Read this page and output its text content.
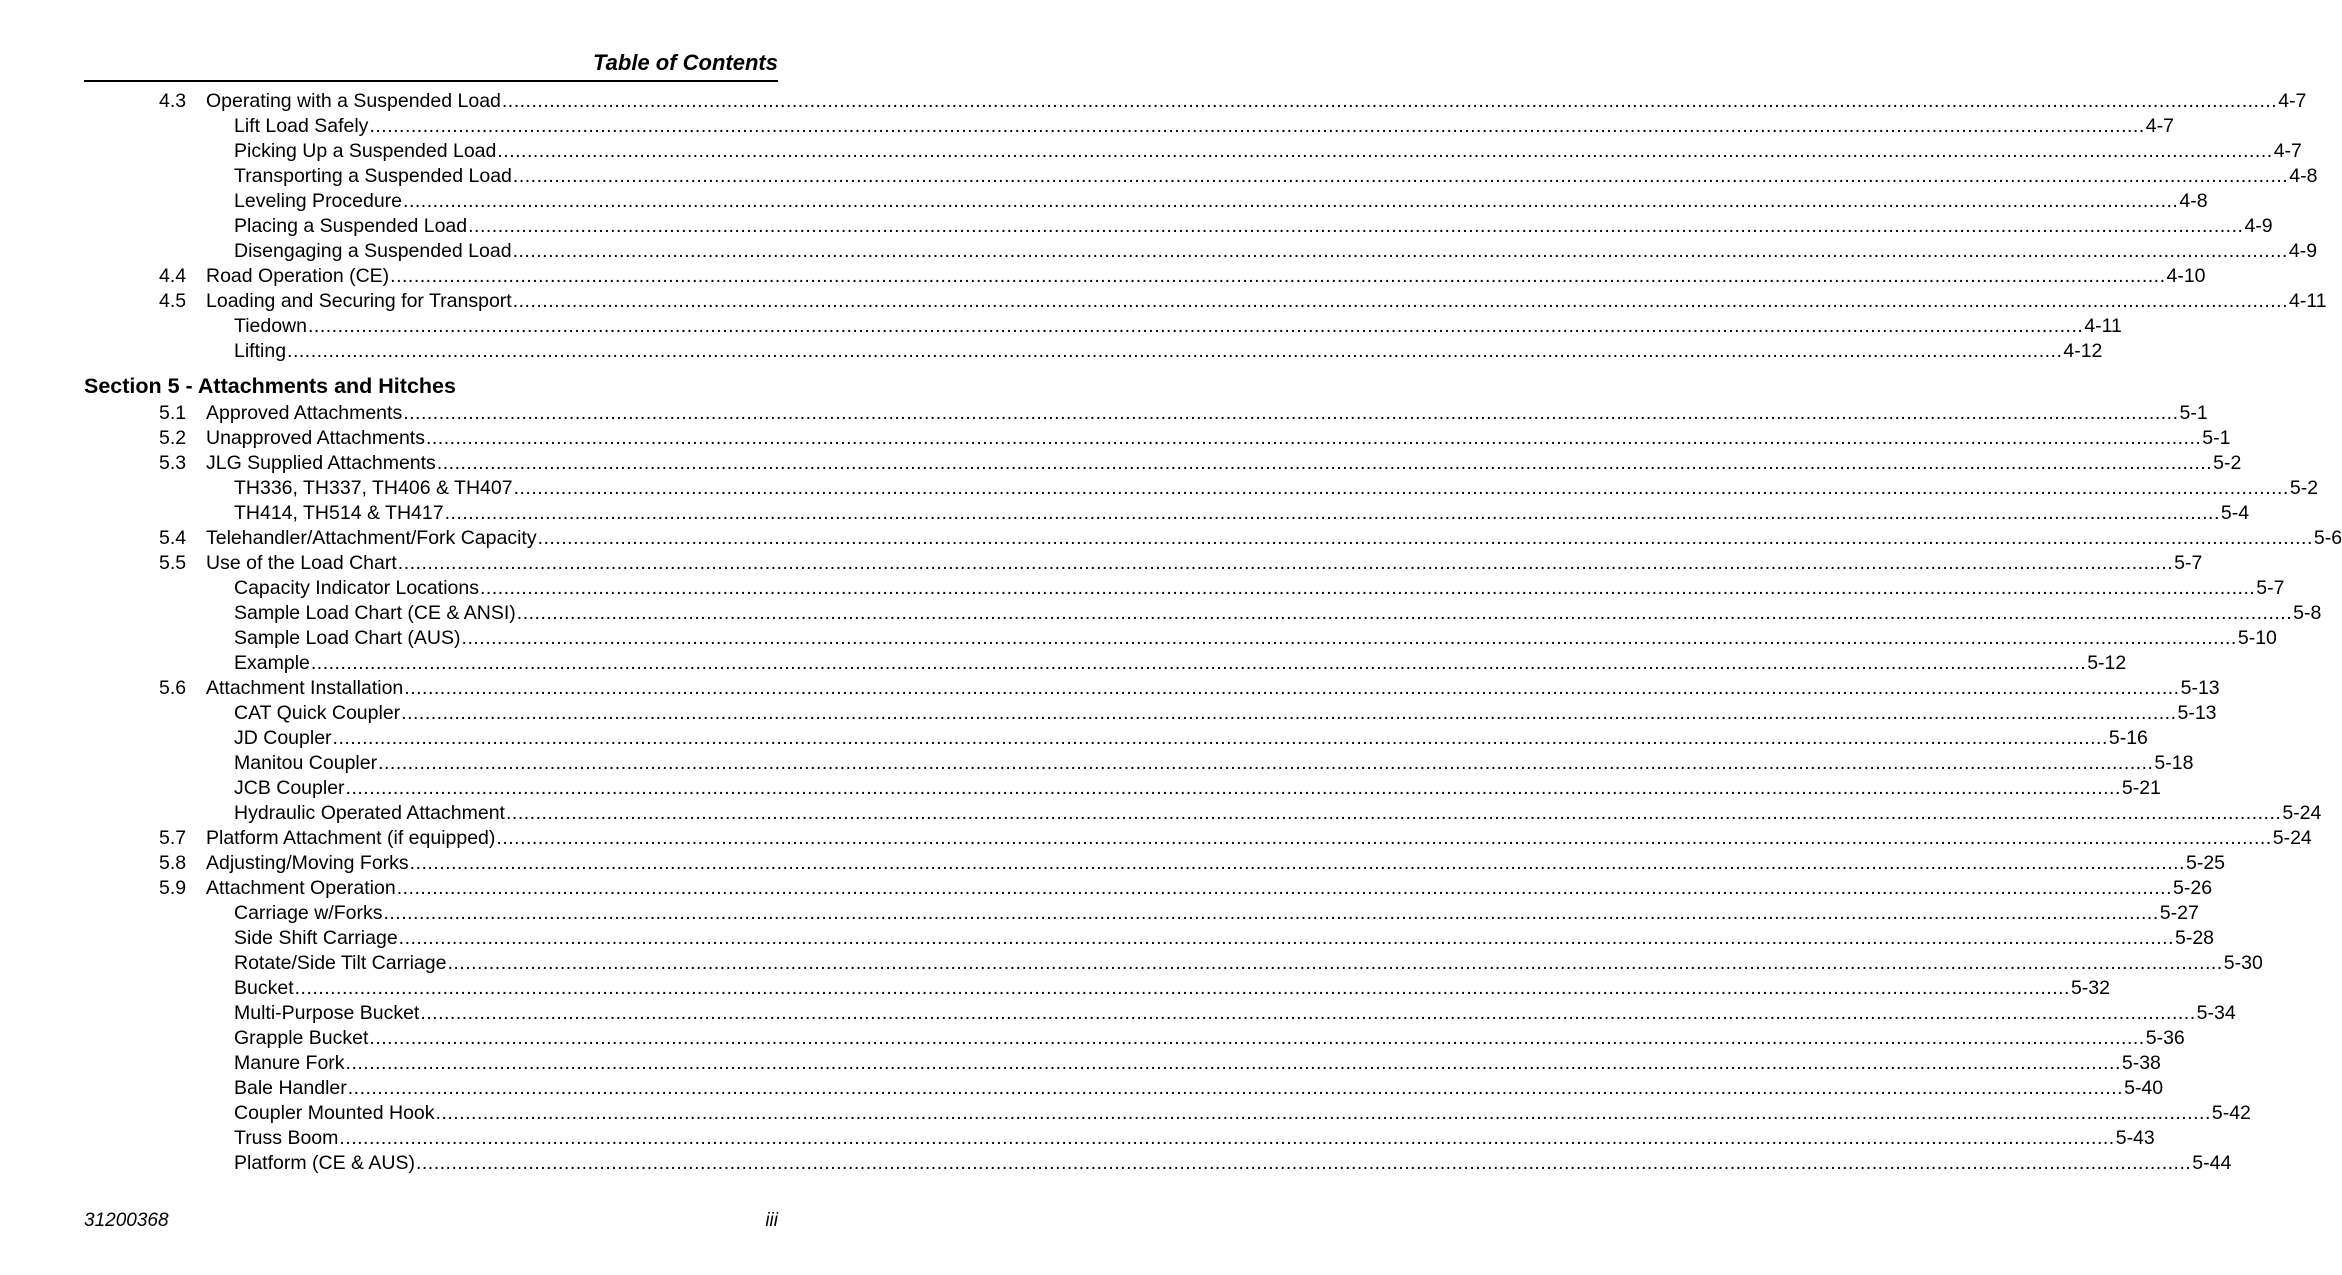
Table of Contents
4.3 Operating with a Suspended Load ............................................................................................................................................................................................................................................................................................................ 4-7
Lift Load Safely ............................................................................................................................................................................................................................................................................................................ 4-7
Picking Up a Suspended Load ............................................................................................................................................................................................................................................................................................................ 4-7
Transporting a Suspended Load ............................................................................................................................................................................................................................................................................................................ 4-8
Leveling Procedure ............................................................................................................................................................................................................................................................................................................ 4-8
Placing a Suspended Load ............................................................................................................................................................................................................................................................................................................ 4-9
Disengaging a Suspended Load ............................................................................................................................................................................................................................................................................................................ 4-9
4.4 Road Operation (CE) ............................................................................................................................................................................................................................................................................................................ 4-10
4.5 Loading and Securing for Transport ............................................................................................................................................................................................................................................................................................................ 4-11
Tiedown ............................................................................................................................................................................................................................................................................................................ 4-11
Lifting ............................................................................................................................................................................................................................................................................................................ 4-12
Section 5 - Attachments and Hitches
5.1 Approved Attachments ............................................................................................................................................................................................................................................................................................................ 5-1
5.2 Unapproved Attachments ............................................................................................................................................................................................................................................................................................................ 5-1
5.3 JLG Supplied Attachments ............................................................................................................................................................................................................................................................................................................ 5-2
TH336, TH337, TH406 & TH407 ............................................................................................................................................................................................................................................................................................................ 5-2
TH414, TH514 & TH417 ............................................................................................................................................................................................................................................................................................................ 5-4
5.4 Telehandler/Attachment/Fork Capacity ............................................................................................................................................................................................................................................................................................................ 5-6
5.5 Use of the Load Chart ............................................................................................................................................................................................................................................................................................................ 5-7
Capacity Indicator Locations ............................................................................................................................................................................................................................................................................................................ 5-7
Sample Load Chart (CE & ANSI) ............................................................................................................................................................................................................................................................................................................ 5-8
Sample Load Chart (AUS) ............................................................................................................................................................................................................................................................................................................ 5-10
Example ............................................................................................................................................................................................................................................................................................................ 5-12
5.6 Attachment Installation ............................................................................................................................................................................................................................................................................................................ 5-13
CAT Quick Coupler ............................................................................................................................................................................................................................................................................................................ 5-13
JD Coupler ............................................................................................................................................................................................................................................................................................................ 5-16
Manitou Coupler ............................................................................................................................................................................................................................................................................................................ 5-18
JCB Coupler ............................................................................................................................................................................................................................................................................................................ 5-21
Hydraulic Operated Attachment ............................................................................................................................................................................................................................................................................................................ 5-24
5.7 Platform Attachment (if equipped) ............................................................................................................................................................................................................................................................................................................ 5-24
5.8 Adjusting/Moving Forks ............................................................................................................................................................................................................................................................................................................ 5-25
5.9 Attachment Operation ............................................................................................................................................................................................................................................................................................................ 5-26
Carriage w/Forks ............................................................................................................................................................................................................................................................................................................ 5-27
Side Shift Carriage ............................................................................................................................................................................................................................................................................................................ 5-28
Rotate/Side Tilt Carriage ............................................................................................................................................................................................................................................................................................................ 5-30
Bucket ............................................................................................................................................................................................................................................................................................................ 5-32
Multi-Purpose Bucket ............................................................................................................................................................................................................................................................................................................ 5-34
Grapple Bucket ............................................................................................................................................................................................................................................................................................................ 5-36
Manure Fork ............................................................................................................................................................................................................................................................................................................ 5-38
Bale Handler ............................................................................................................................................................................................................................................................................................................ 5-40
Coupler Mounted Hook ............................................................................................................................................................................................................................................................................................................ 5-42
Truss Boom ............................................................................................................................................................................................................................................................................................................ 5-43
Platform (CE & AUS) ............................................................................................................................................................................................................................................................................................................ 5-44
31200368	iii
